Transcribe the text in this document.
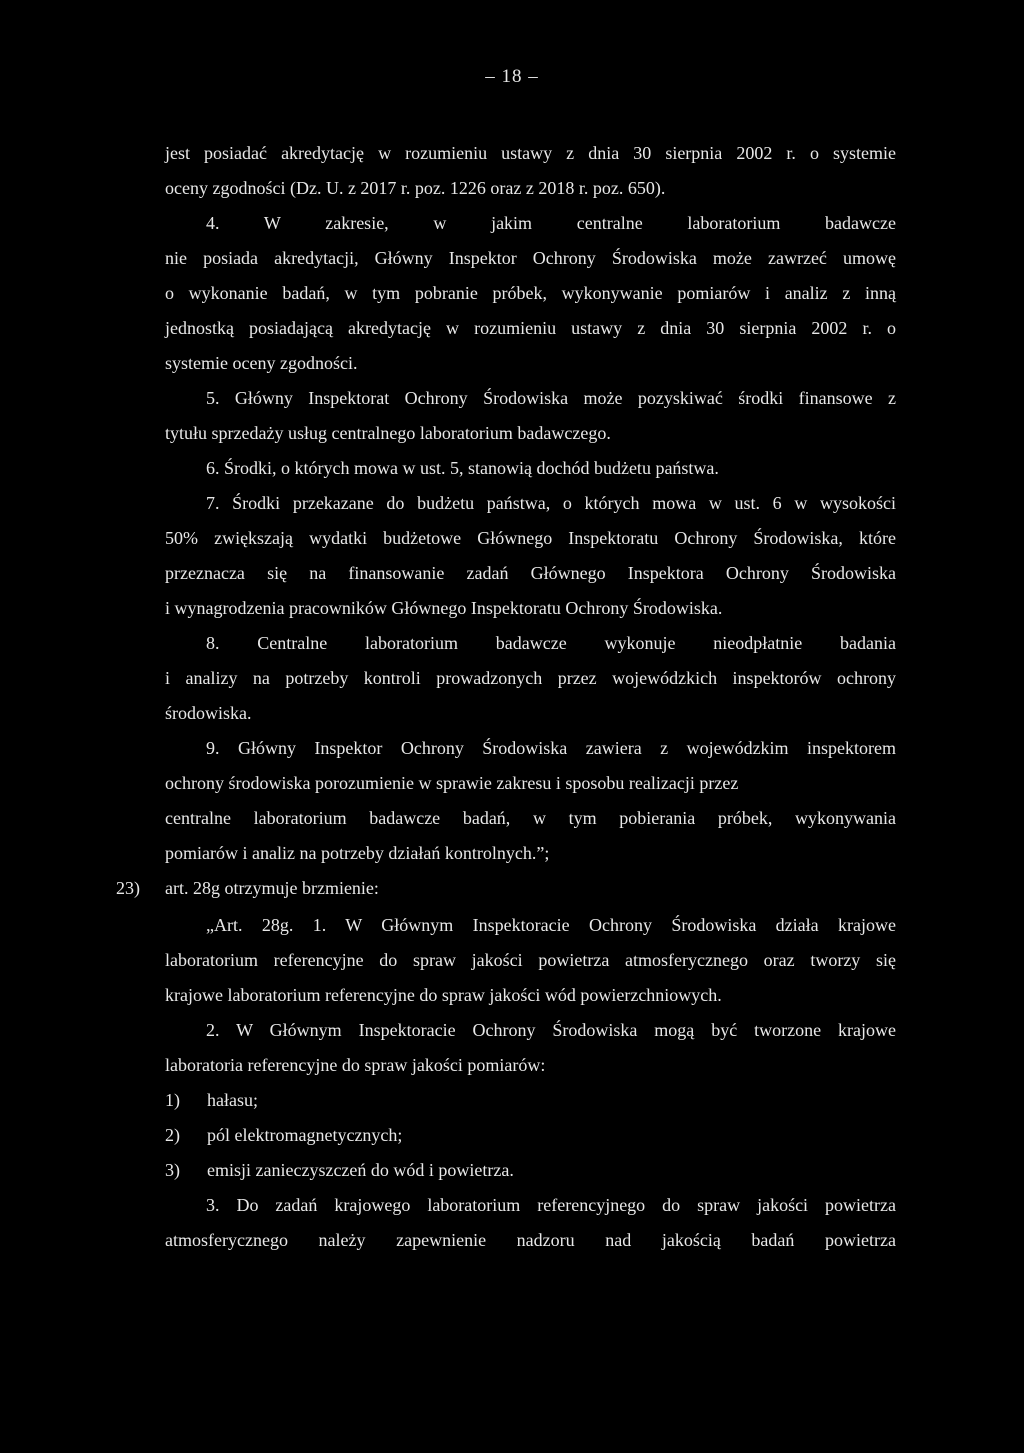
– 18 –
jest posiadać akredytację w rozumieniu ustawy z dnia 30 sierpnia 2002 r. o systemie
oceny zgodności (Dz. U. z 2017 r. poz. 1226 oraz z 2018 r. poz. 650).
4. W zakresie, w jakim centralne laboratorium badawcze
nie posiada akredytacji, Główny Inspektor Ochrony Środowiska może zawrzeć umowę
o wykonanie badań, w tym pobranie próbek, wykonywanie pomiarów i analiz z inną
jednostką posiadającą akredytację w rozumieniu ustawy z dnia 30 sierpnia 2002 r. o
systemie oceny zgodności.
5. Główny Inspektorat Ochrony Środowiska może pozyskiwać środki finansowe z
tytułu sprzedaży usług centralnego laboratorium badawczego.
6. Środki, o których mowa w ust. 5, stanowią dochód budżetu państwa.
7. Środki przekazane do budżetu państwa, o których mowa w ust. 6 w wysokości
50% zwiększają wydatki budżetowe Głównego Inspektoratu Ochrony Środowiska, które
przeznacza się na finansowanie zadań Głównego Inspektora Ochrony Środowiska
i wynagrodzenia pracowników Głównego Inspektoratu Ochrony Środowiska.
8. Centralne laboratorium badawcze wykonuje nieodpłatnie badania
i analizy na potrzeby kontroli prowadzonych przez wojewódzkich inspektorów ochrony
środowiska.
9. Główny Inspektor Ochrony Środowiska zawiera z wojewódzkim inspektorem
ochrony środowiska porozumienie w sprawie zakresu i sposobu realizacji przez
centralne laboratorium badawcze badań, w tym pobierania próbek, wykonywania
pomiarów i analiz na potrzeby działań kontrolnych.”;
23) art. 28g otrzymuje brzmienie:
„Art. 28g. 1. W Głównym Inspektoracie Ochrony Środowiska działa krajowe
laboratorium referencyjne do spraw jakości powietrza atmosferycznego oraz tworzy się
krajowe laboratorium referencyjne do spraw jakości wód powierzchniowych.
2. W Głównym Inspektoracie Ochrony Środowiska mogą być tworzone krajowe
laboratoria referencyjne do spraw jakości pomiarów:
1) hałasu;
2) pól elektromagnetycznych;
3) emisji zanieczyszczeń do wód i powietrza.
3. Do zadań krajowego laboratorium referencyjnego do spraw jakości powietrza
atmosferycznego należy zapewnienie nadzoru nad jakością badań powietrza
